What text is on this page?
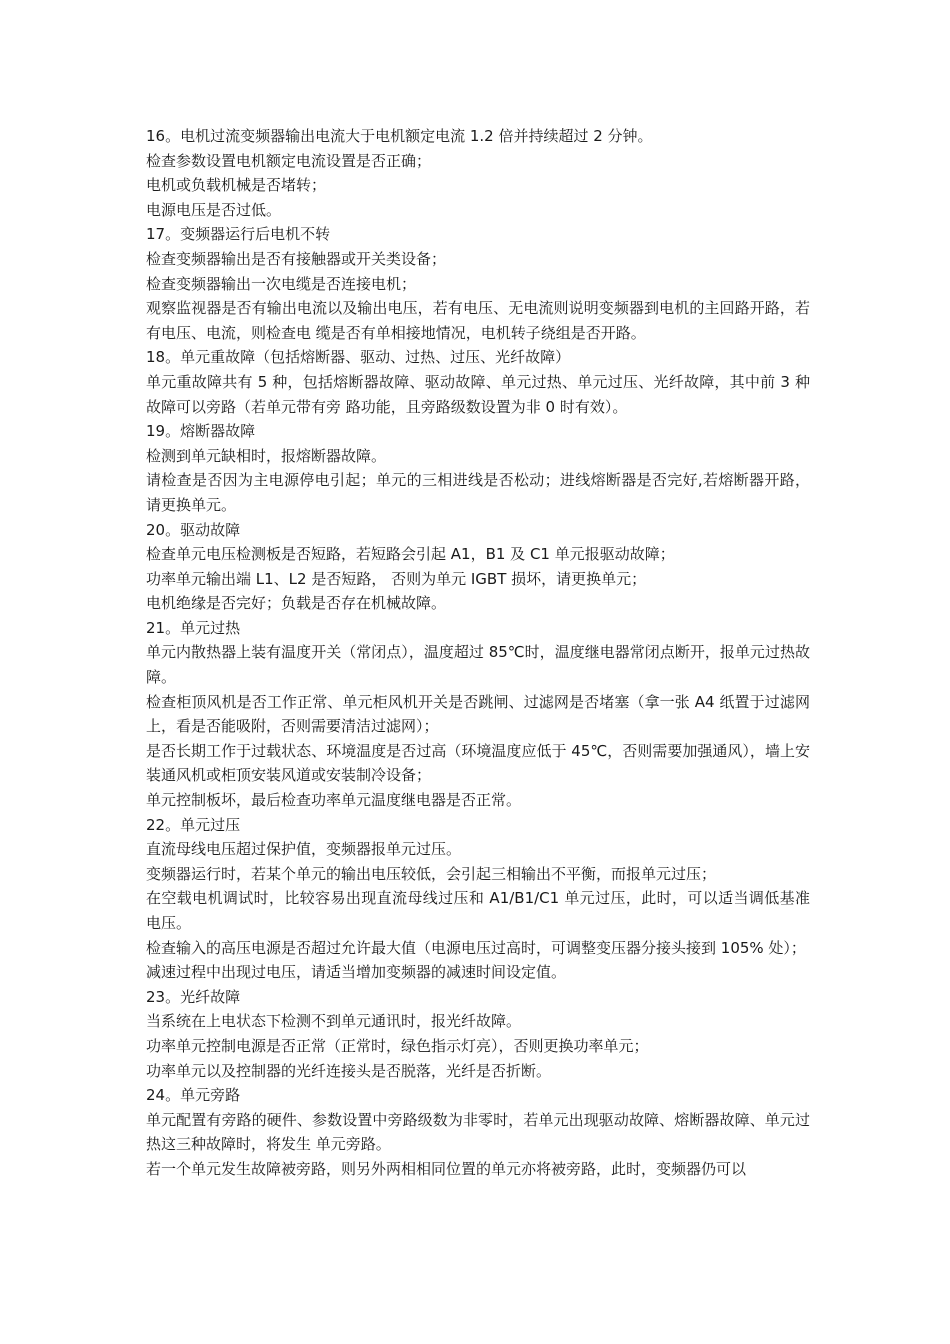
16。电机过流变频器输出电流大于电机额定电流 1.2 倍并持续超过 2 分钟。

检查参数设置电机额定电流设置是否正确；

电机或负载机械是否堵转；

电源电压是否过低。

17。变频器运行后电机不转

检查变频器输出是否有接触器或开关类设备；

检查变频器输出一次电缆是否连接电机；

观察监视器是否有输出电流以及输出电压，若有电压、无电流则说明变频器到电机的主回路开路，若有电压、电流，则检查电 缆是否有单相接地情况，电机转子绕组是否开路。

18。单元重故障（包括熔断器、驱动、过热、过压、光纤故障）

单元重故障共有 5 种，包括熔断器故障、驱动故障、单元过热、单元过压、光纤故障，其中前 3 种故障可以旁路（若单元带有旁 路功能，且旁路级数设置为非 0 时有效）。

19。熔断器故障

检测到单元缺相时，报熔断器故障。

请检查是否因为主电源停电引起；单元的三相进线是否松动；进线熔断器是否完好,若熔断器开路，请更换单元。

20。驱动故障

检查单元电压检测板是否短路，若短路会引起 A1，B1 及 C1 单元报驱动故障；

功率单元输出端 L1、L2 是否短路， 否则为单元 IGBT 损坏，请更换单元；

电机绝缘是否完好；负载是否存在机械故障。

21。单元过热

单元内散热器上装有温度开关（常闭点），温度超过 85℃时，温度继电器常闭点断开，报单元过热故障。

检查柜顶风机是否工作正常、单元柜风机开关是否跳闸、过滤网是否堵塞（拿一张 A4 纸置于过滤网上，看是否能吸附，否则需要清洁过滤网）；

是否长期工作于过载状态、环境温度是否过高（环境温度应低于 45℃，否则需要加强通风），墙上安装通风机或柜顶安装风道或安装制冷设备；

单元控制板坏，最后检查功率单元温度继电器是否正常。

22。单元过压

直流母线电压超过保护值，变频器报单元过压。

变频器运行时，若某个单元的输出电压较低，会引起三相输出不平衡，而报单元过压；

在空载电机调试时，比较容易出现直流母线过压和 A1/B1/C1 单元过压，此时，可以适当调低基准电压。

检查输入的高压电源是否超过允许最大值（电源电压过高时，可调整变压器分接头接到 105% 处）；

减速过程中出现过电压，请适当增加变频器的减速时间设定值。

23。光纤故障

当系统在上电状态下检测不到单元通讯时，报光纤故障。

功率单元控制电源是否正常（正常时，绿色指示灯亮），否则更换功率单元；

功率单元以及控制器的光纤连接头是否脱落，光纤是否折断。

24。单元旁路

单元配置有旁路的硬件、参数设置中旁路级数为非零时，若单元出现驱动故障、熔断器故障、单元过热这三种故障时，将发生 单元旁路。

若一个单元发生故障被旁路，则另外两相相同位置的单元亦将被旁路，此时，变频器仍可以
